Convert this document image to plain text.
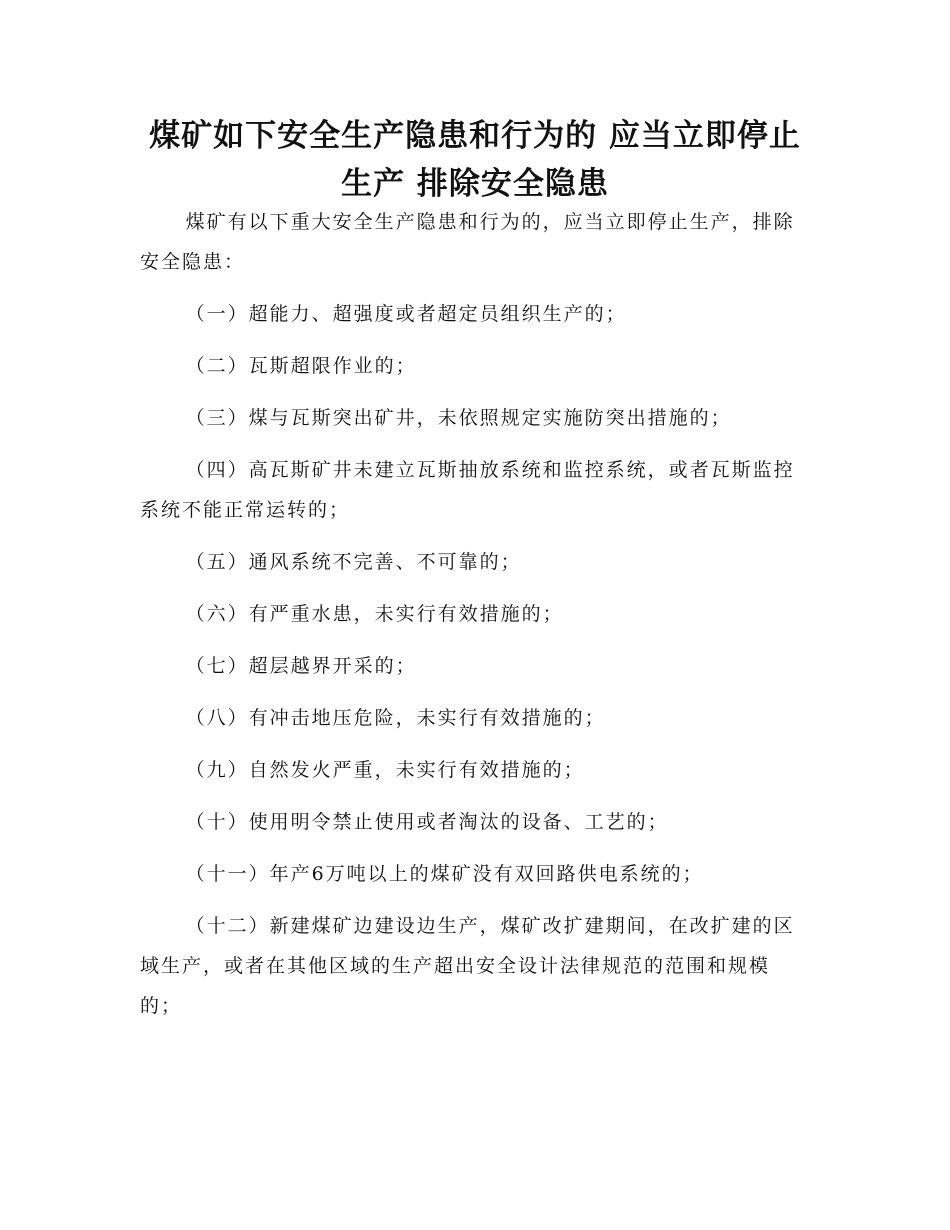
煤矿如下安全生产隐患和行为的 应当立即停止生产 排除安全隐患

煤矿有以下重大安全生产隐患和行为的，应当立即停止生产，排除安全隐患：

（一）超能力、超强度或者超定员组织生产的；

（二）瓦斯超限作业的；

（三）煤与瓦斯突出矿井，未依照规定实施防突出措施的；

（四）高瓦斯矿井未建立瓦斯抽放系统和监控系统，或者瓦斯监控系统不能正常运转的；

（五）通风系统不完善、不可靠的；

（六）有严重水患，未实行有效措施的；

（七）超层越界开采的；

（八）有冲击地压危险，未实行有效措施的；

（九）自然发火严重，未实行有效措施的；

（十）使用明令禁止使用或者淘汰的设备、工艺的；

（十一）年产6万吨以上的煤矿没有双回路供电系统的；

（十二）新建煤矿边建设边生产，煤矿改扩建期间，在改扩建的区域生产，或者在其他区域的生产超出安全设计法律规范的范围和规模的；
